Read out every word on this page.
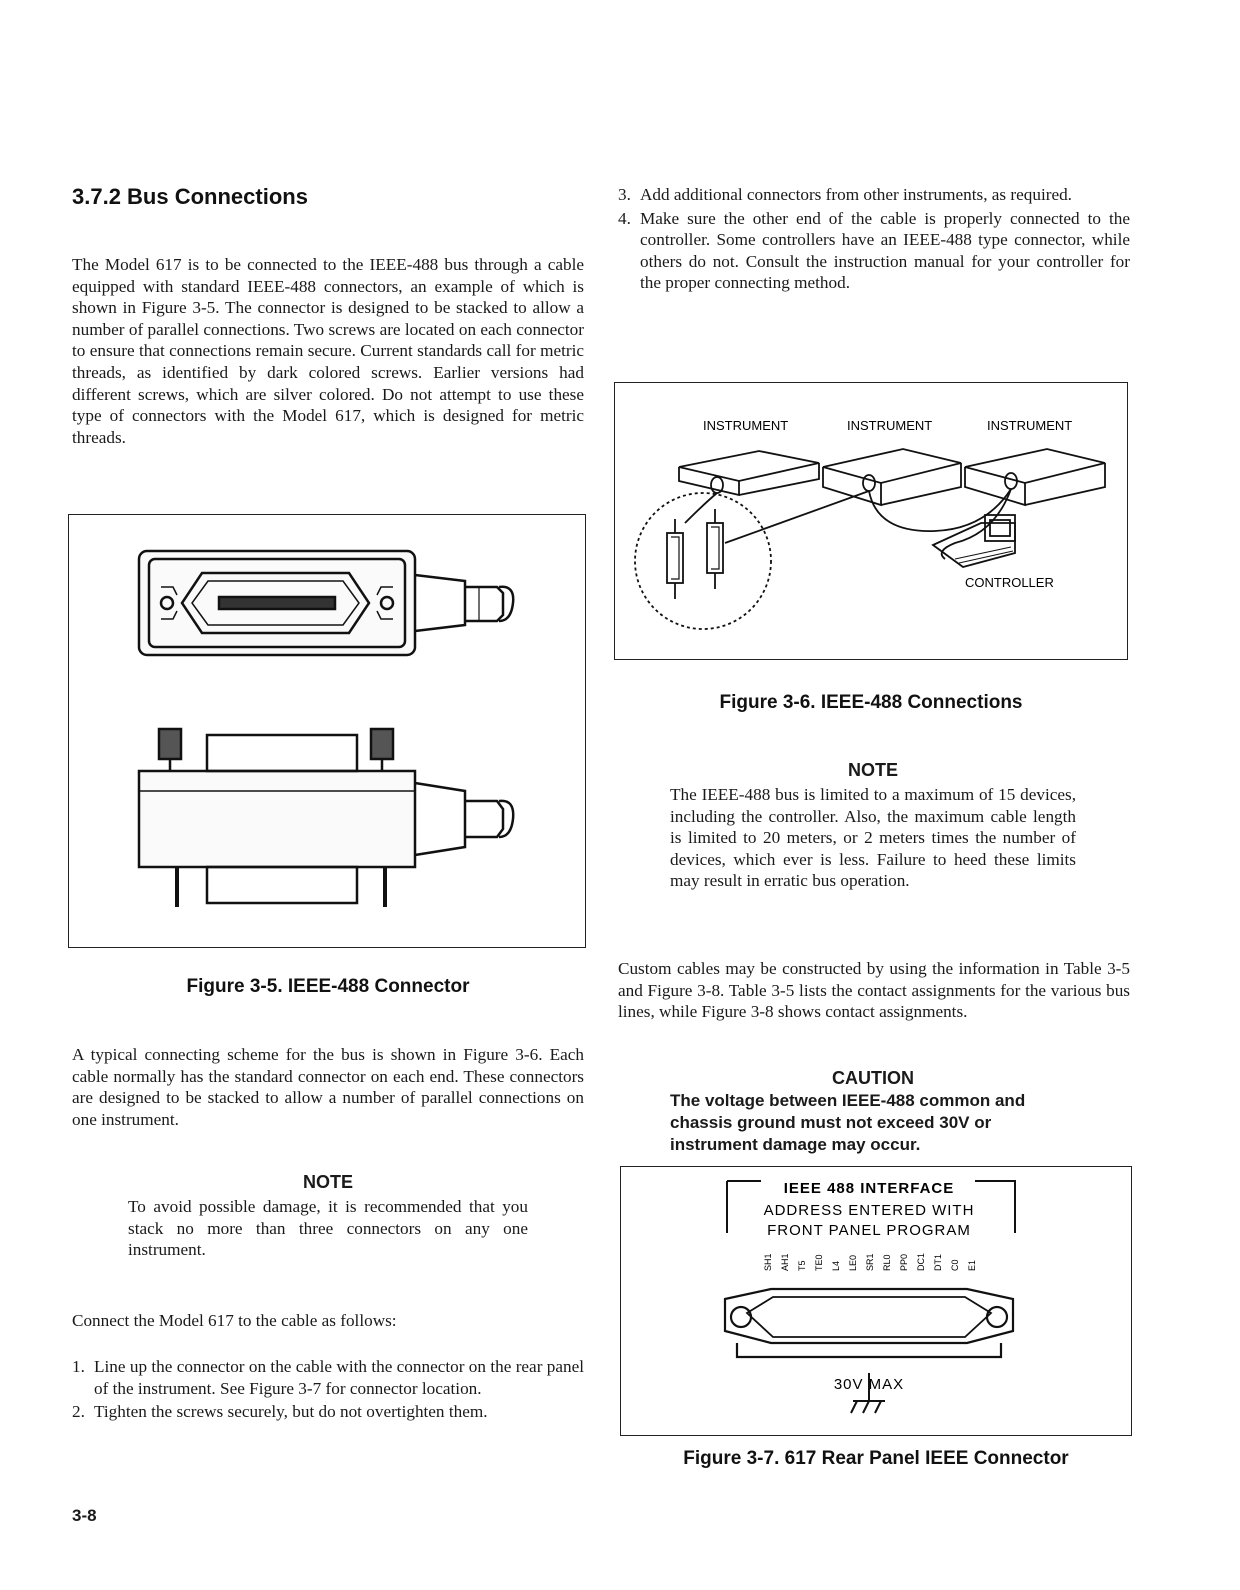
3.7.2 Bus Connections

The Model 617 is to be connected to the IEEE-488 bus through a cable equipped with standard IEEE-488 connectors, an example of which is shown in Figure 3-5. The connector is designed to be stacked to allow a number of parallel connections. Two screws are located on each connector to ensure that connections remain secure. Current standards call for metric threads, as identified by dark colored screws. Earlier versions had different screws, which are silver colored. Do not attempt to use these type of connectors with the Model 617, which is designed for metric threads.

Figure 3-5. IEEE-488 Connector

A typical connecting scheme for the bus is shown in Figure 3-6. Each cable normally has the standard connector on each end. These connectors are designed to be stacked to allow a number of parallel connections on one instrument.

NOTE

To avoid possible damage, it is recommended that you stack no more than three connectors on any one instrument.

Connect the Model 617 to the cable as follows:

1. Line up the connector on the cable with the connector on the rear panel of the instrument. See Figure 3-7 for connector location.
2. Tighten the screws securely, but do not overtighten them.
3-8
3. Add additional connectors from other instruments, as required.
4. Make sure the other end of the cable is properly connected to the controller. Some controllers have an IEEE-488 type connector, while others do not. Consult the instruction manual for your controller for the proper connecting method.
INSTRUMENT	INSTRUMENT	INSTRUMENT
CONTROLLER
Figure 3-6. IEEE-488 Connections
NOTE

The IEEE-488 bus is limited to a maximum of 15 devices, including the controller. Also, the maximum cable length is limited to 20 meters, or 2 meters times the number of devices, which ever is less. Failure to heed these limits may result in erratic bus operation.

Custom cables may be constructed by using the information in Table 3-5 and Figure 3-8. Table 3-5 lists the contact assignments for the various bus lines, while Figure 3-8 shows contact assignments.

CAUTION

The voltage between IEEE-488 common and chassis ground must not exceed 30V or instrument damage may occur.

IEEE 488 INTERFACE
ADDRESS ENTERED WITH
FRONT PANEL PROGRAM
SH1 AH1 T5 TE0 L4 LE0 SR1 RL0 PP0 DC1 DT1 C0 E1
30V MAX
Figure 3-7. 617 Rear Panel IEEE Connector
